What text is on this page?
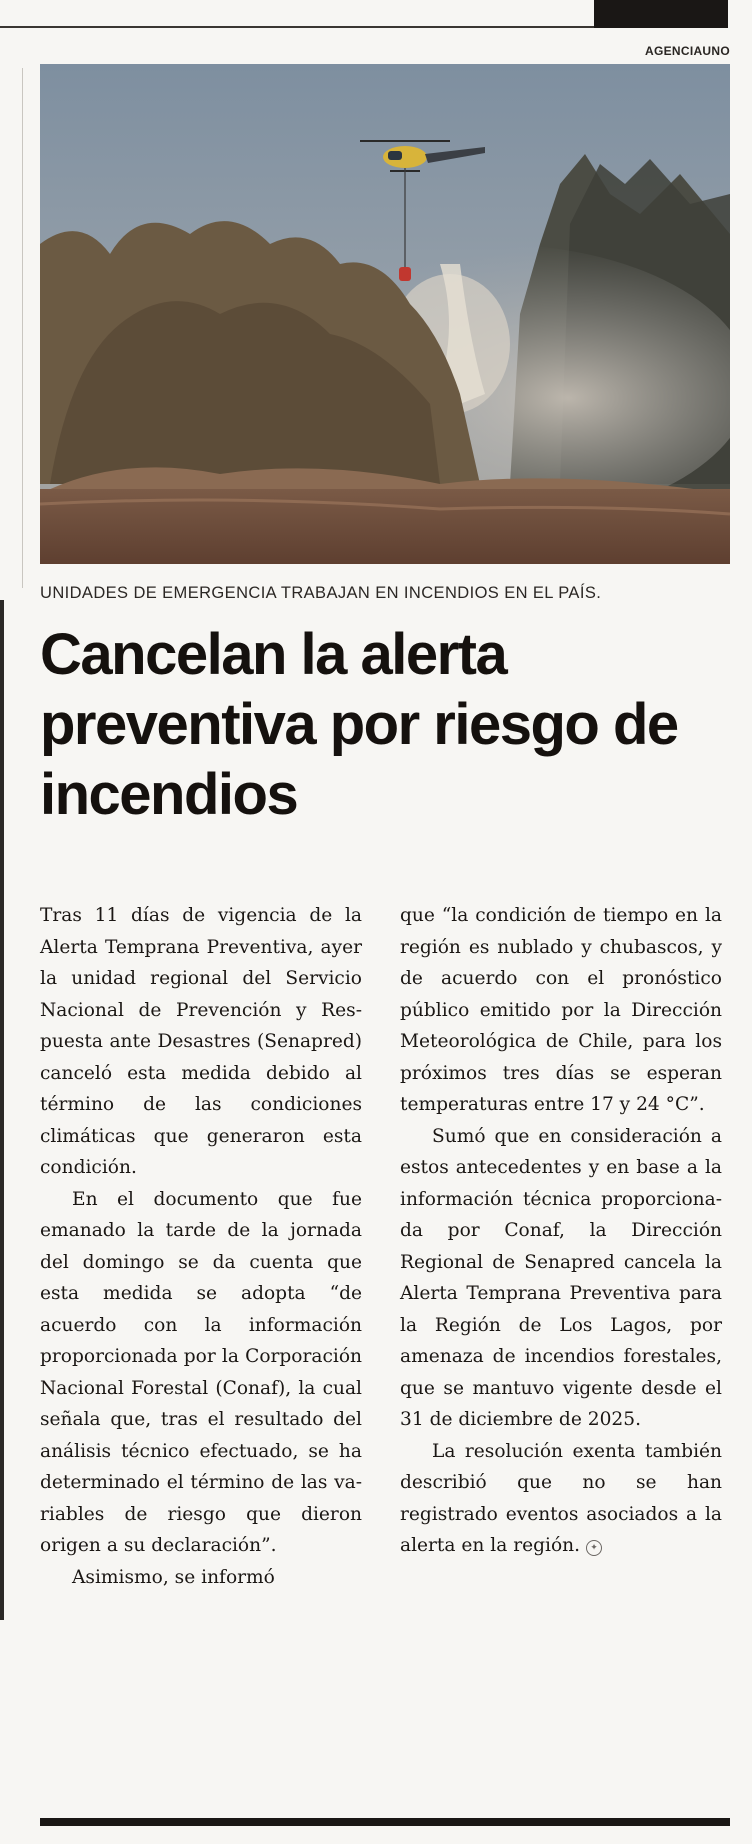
AGENCIAUNO
UNIDADES DE EMERGENCIA TRABAJAN EN INCENDIOS EN EL PAÍS.
Cancelan la alerta preventiva por riesgo de incendios

Tras 11 días de vigencia de la Alerta Temprana Preventiva, ayer la unidad regional del Servicio Nacional de Prevención y Respuesta ante Desastres (Senapred) canceló esta medida debido al término de las condiciones climáticas que generaron esta condición.

En el documento que fue emanado la tarde de la jornada del domingo se da cuenta que esta medida se adopta “de acuerdo con la información proporcionada por la Corporación Nacional Forestal (Conaf), la cual señala que, tras el resultado del análisis técnico efectuado, se ha determinado el término de las variables de riesgo que dieron origen a su declaración”.

Asimismo, se informó

que “la condición de tiempo en la región es nublado y chubascos, y de acuerdo con el pronóstico público emitido por la Dirección Meteorológica de Chile, para los próximos tres días se esperan temperaturas entre 17 y 24 °C”.

Sumó que en consideración a estos antecedentes y en base a la información técnica proporcionada por Conaf, la Dirección Regional de Senapred cancela la Alerta Temprana Preventiva para la Región de Los Lagos, por amenaza de incendios forestales, que se mantuvo vigente desde el 31 de diciembre de 2025.

La resolución exenta también describió que no se han registrado eventos asociados a la alerta en la región. ✦
